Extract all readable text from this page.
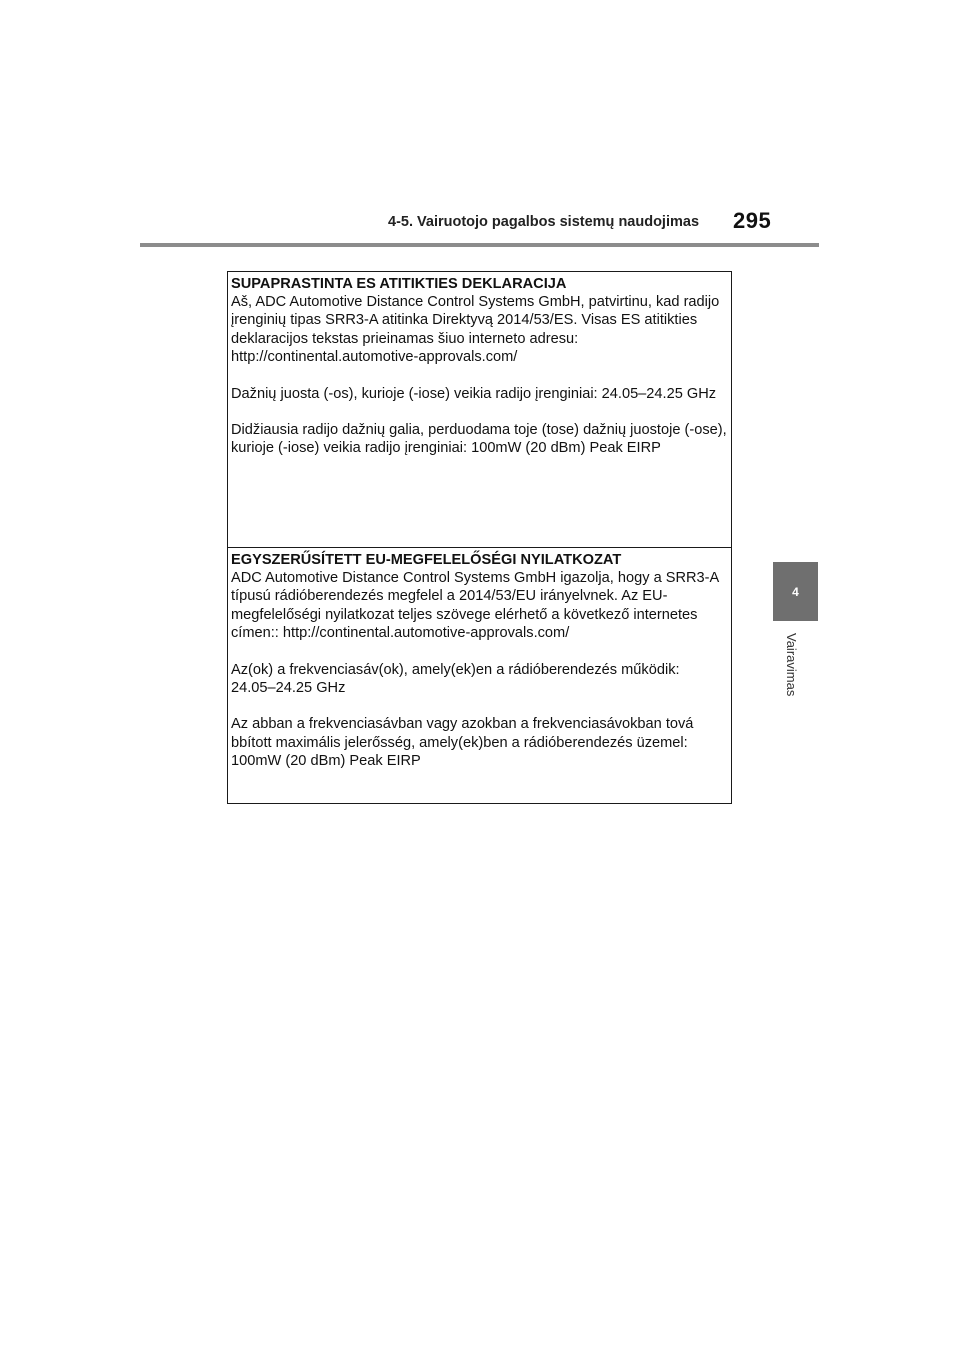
4-5. Vairuotojo pagalbos sistemų naudojimas 295
4
Vairavimas
SUPAPRASTINTA ES ATITIKTIES DEKLARACIJA

Aš, ADC Automotive Distance Control Systems GmbH, patvirtinu, kad radijo įrenginių tipas SRR3-A atitinka Direktyvą 2014/53/ES. Visas ES atitikties deklaracijos tekstas prieinamas šiuo interneto adresu: http://continental.automotive-approvals.com/

Dažnių juosta (-os), kurioje (-iose) veikia radijo įrenginiai: 24.05–24.25 GHz

Didžiausia radijo dažnių galia, perduodama toje (tose) dažnių juostoje (-ose), kurioje (-iose) veikia radijo įrenginiai: 100mW (20 dBm) Peak EIRP

EGYSZERŰSÍTETT EU-MEGFELELŐSÉGI NYILATKOZAT

ADC Automotive Distance Control Systems GmbH igazolja, hogy a SRR3-A típusú rádióberendezés megfelel a 2014/53/EU irányelvnek. Az EU-megfelelőségi nyilatkozat teljes szövege elérhető a következő internetes címen:: http://continental.automotive-approvals.com/

Az(ok) a frekvenciasáv(ok), amely(ek)en a rádióberendezés működik: 24.05–24.25 GHz

Az abban a frekvenciasávban vagy azokban a frekvenciasávokban tová bbított maximális jelerősség, amely(ek)ben a rádióberendezés üzemel: 100mW (20 dBm) Peak EIRP
